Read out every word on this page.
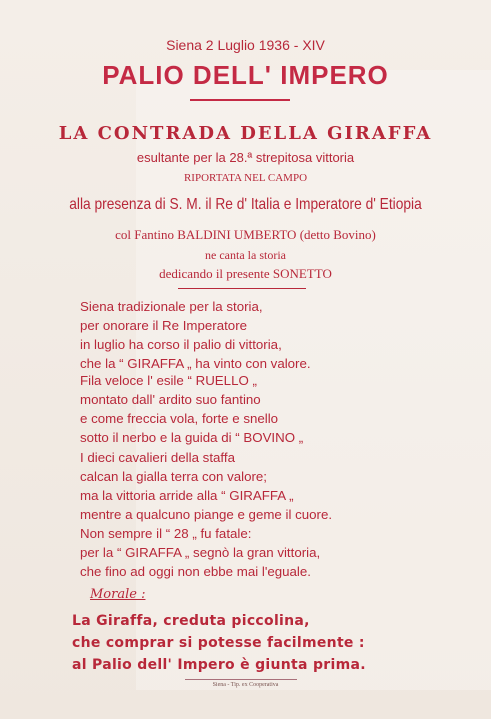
Siena 2 Luglio 1936 - XIV
PALIO DELL' IMPERO
LA CONTRADA DELLA GIRAFFA
esultante per la 28.ª strepitosa vittoria
RIPORTATA NEL CAMPO
alla presenza di S. M. il Re d' Italia e Imperatore d' Etiopia
col Fantino BALDINI UMBERTO (detto Bovino)
ne canta la storia
dedicando il presente SONETTO
Siena tradizionale per la storia,
per onorare il Re Imperatore
in luglio ha corso il palio di vittoria,
che la “ GIRAFFA „ ha vinto con valore.
Fila veloce l' esile “ RUELLO „
montato dall' ardito suo fantino
e come freccia vola, forte e snello
sotto il nerbo e la guida di “ BOVINO „
I dieci cavalieri della staffa
calcan la gialla terra con valore;
ma la vittoria arride alla “ GIRAFFA „
mentre a qualcuno piange e geme il cuore.
Non sempre il “ 28 „ fu fatale:
per la “ GIRAFFA „ segnò la gran vittoria,
che fino ad oggi non ebbe mai l'eguale.
Morale :
La Giraffa, creduta piccolina,
che comprar si potesse facilmente :
al Palio dell' Impero è giunta prima.
Siena - Tip. ex Cooperativa
